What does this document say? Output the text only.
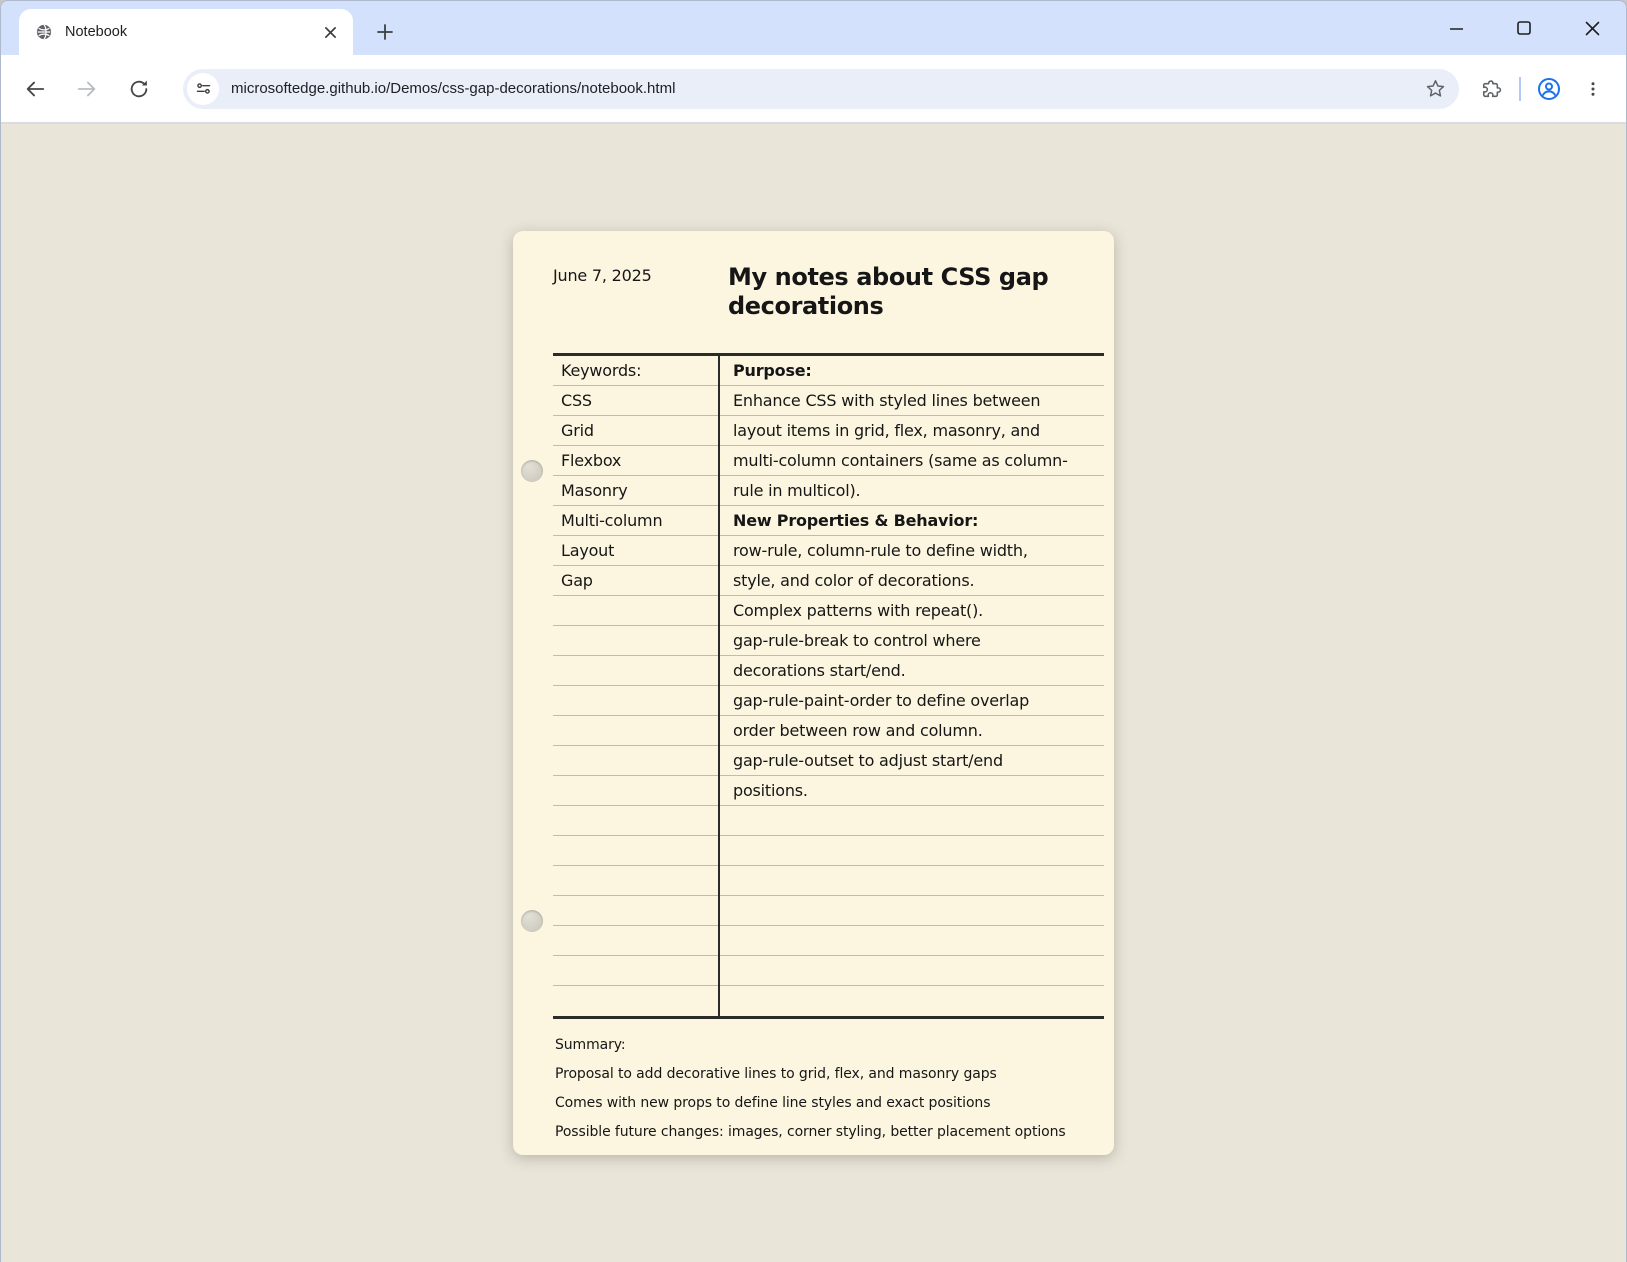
Notebook
microsoftedge.github.io/Demos/css-gap-decorations/notebook.html
June 7, 2025	My notes about CSS gap decorations
Keywords:
CSS
Grid
Flexbox
Masonry
Multi-column
Layout
Gap
Purpose:
Enhance CSS with styled lines between
layout items in grid, flex, masonry, and
multi-column containers (same as column-
rule in multicol).
New Properties & Behavior:
row-rule, column-rule to define width,
style, and color of decorations.
Complex patterns with repeat().
gap-rule-break to control where
decorations start/end.
gap-rule-paint-order to define overlap
order between row and column.
gap-rule-outset to adjust start/end
positions.
Summary:
Proposal to add decorative lines to grid, flex, and masonry gaps
Comes with new props to define line styles and exact positions
Possible future changes: images, corner styling, better placement options
